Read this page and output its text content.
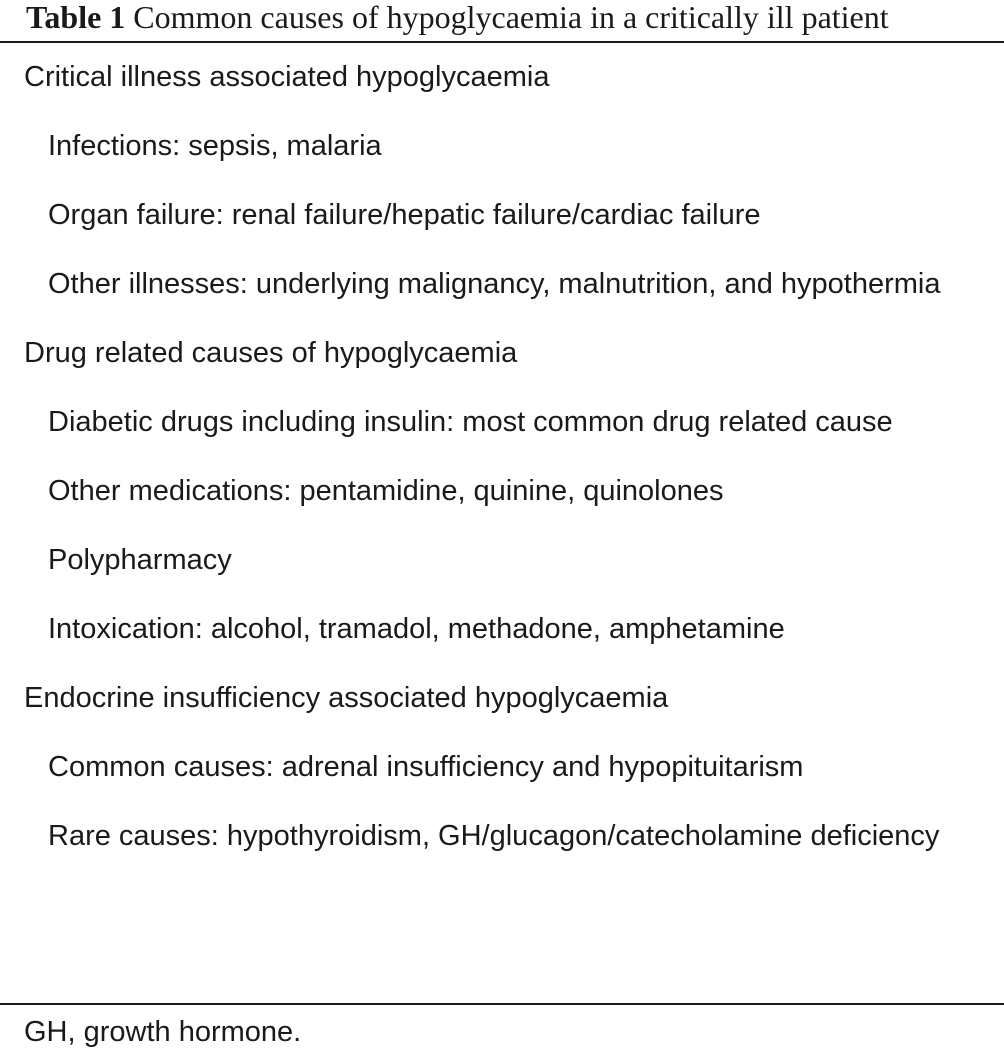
Table 1 Common causes of hypoglycaemia in a critically ill patient
Critical illness associated hypoglycaemia
Infections: sepsis, malaria
Organ failure: renal failure/hepatic failure/cardiac failure
Other illnesses: underlying malignancy, malnutrition, and hypothermia
Drug related causes of hypoglycaemia
Diabetic drugs including insulin: most common drug related cause
Other medications: pentamidine, quinine, quinolones
Polypharmacy
Intoxication: alcohol, tramadol, methadone, amphetamine
Endocrine insufficiency associated hypoglycaemia
Common causes: adrenal insufficiency and hypopituitarism
Rare causes: hypothyroidism, GH/glucagon/catecholamine deficiency
GH, growth hormone.
